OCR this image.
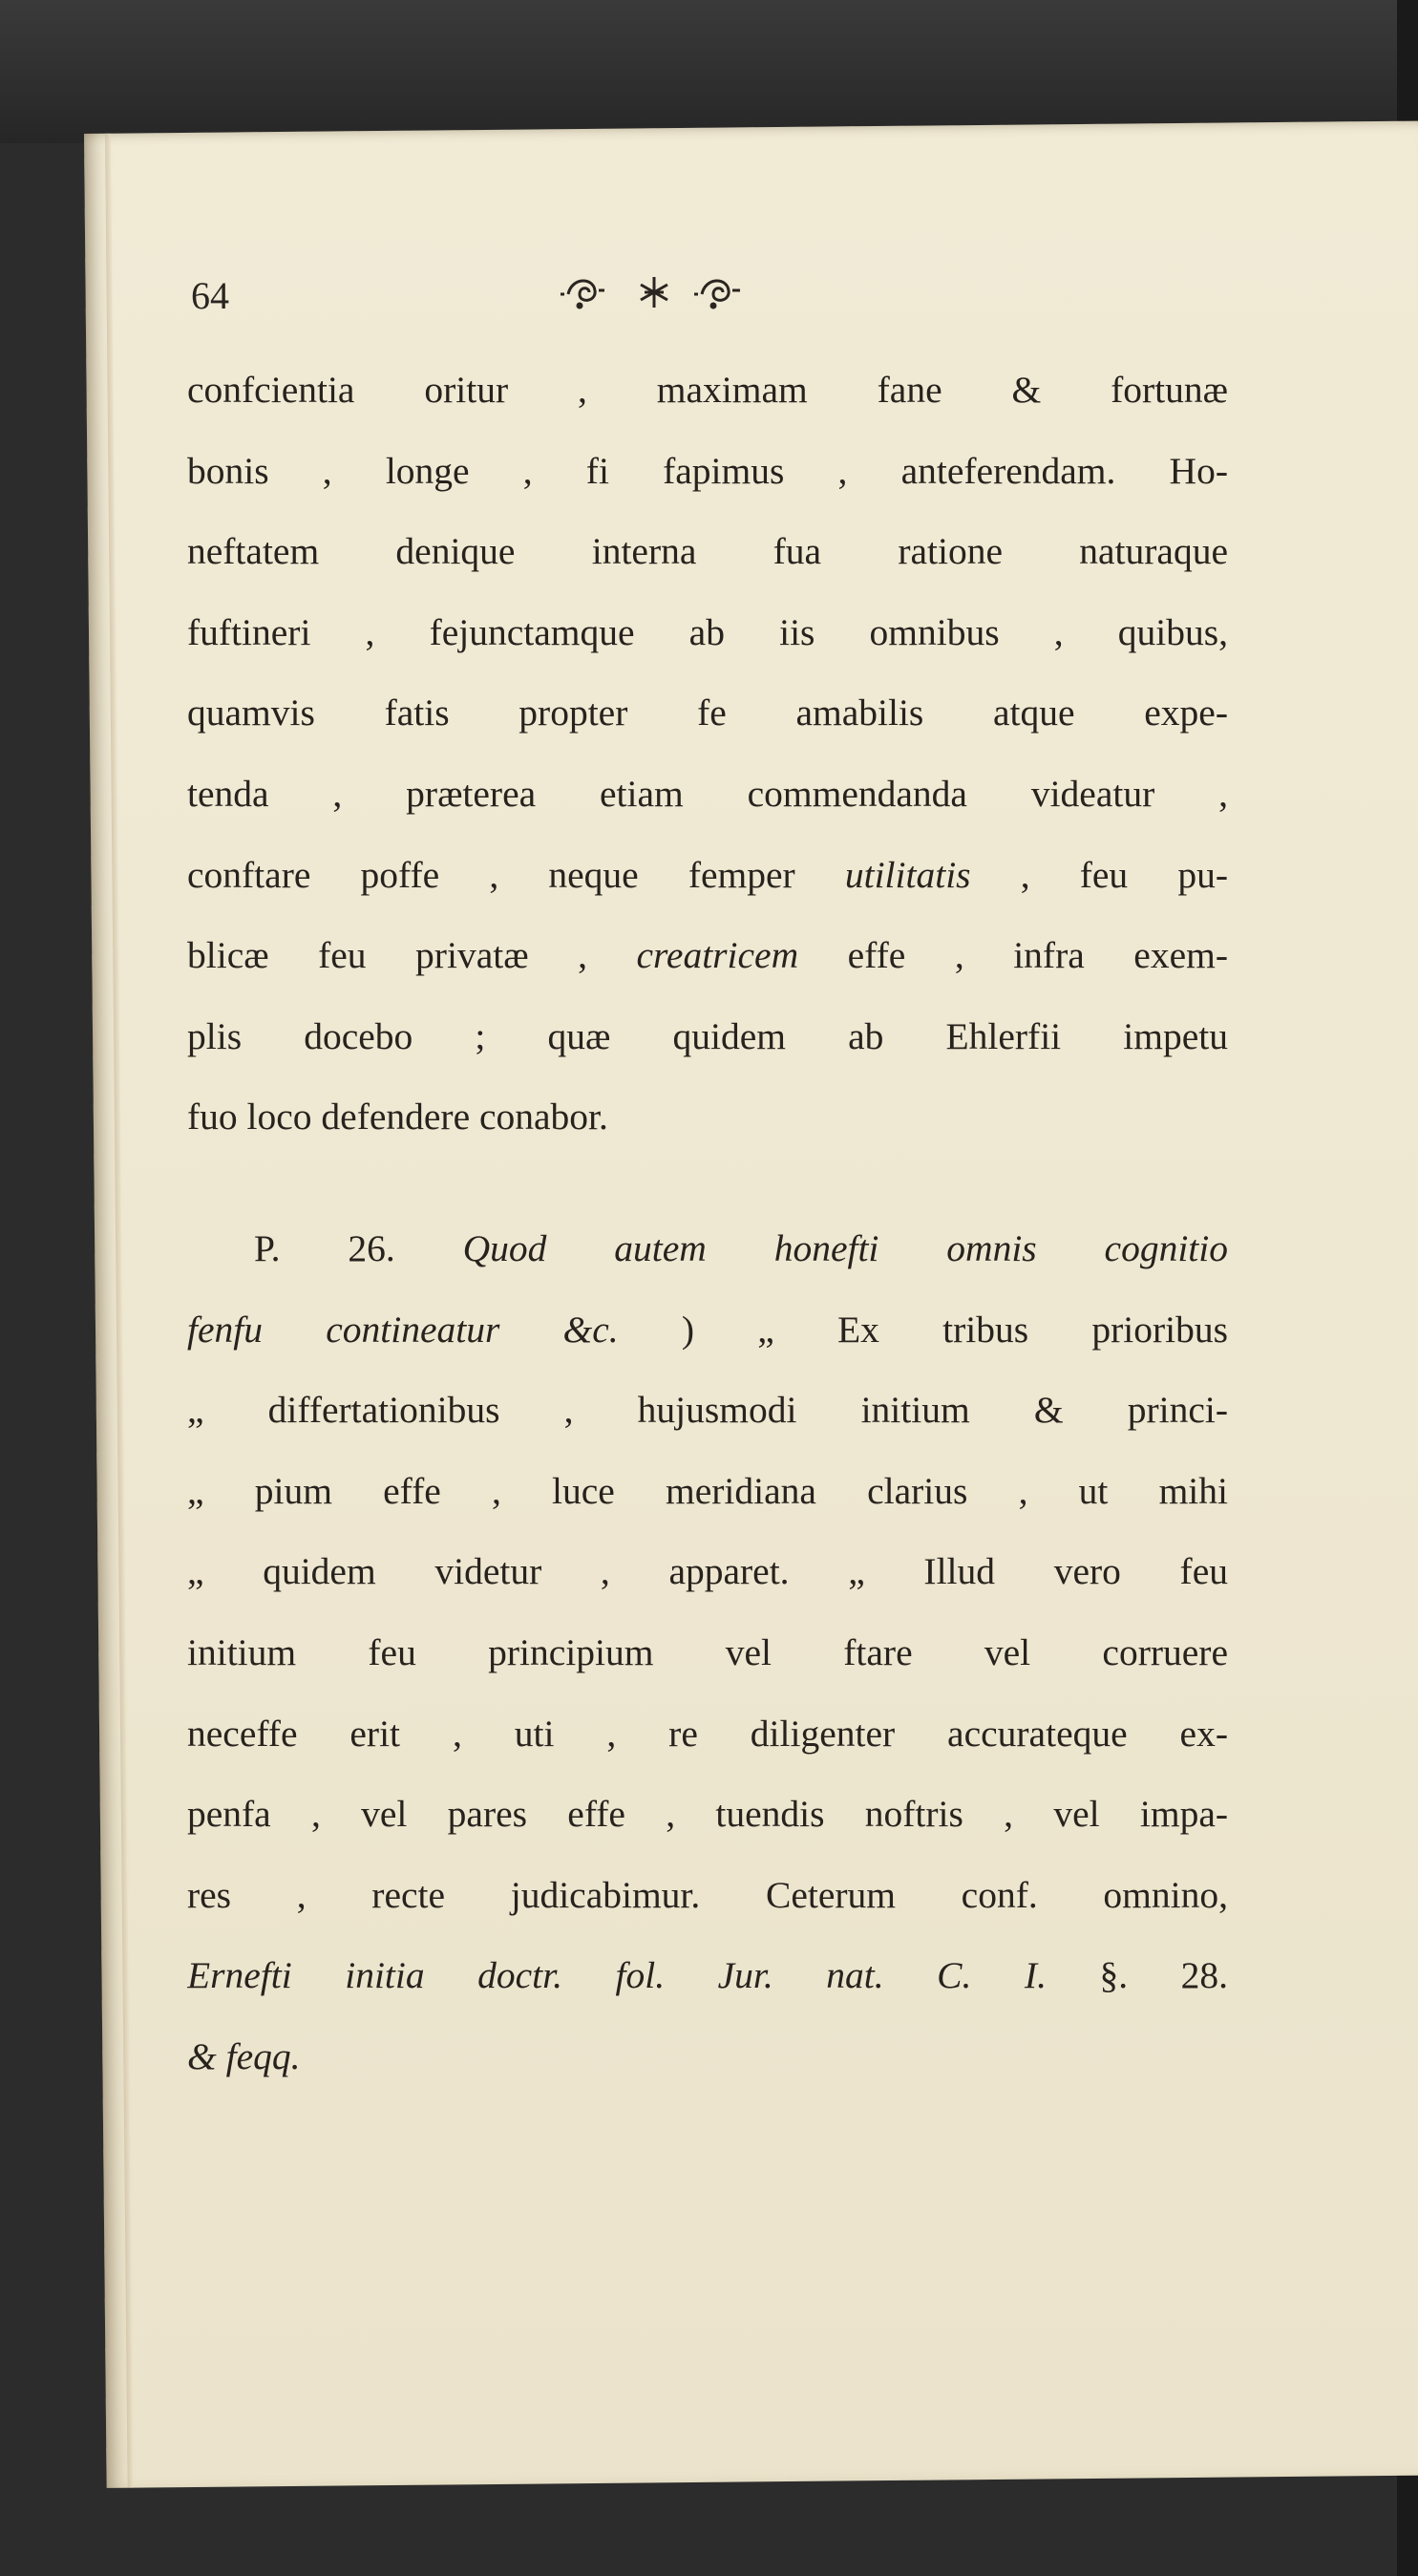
64
confcientia oritur , maximam fane & fortunæ
bonis , longe , fi fapimus , anteferendam. Ho-
neftatem denique interna fua ratione naturaque
fuftineri , fejunctamque ab iis omnibus , quibus,
quamvis fatis propter fe amabilis atque expe-
tenda , præterea etiam commendanda videatur ,
conftare poffe , neque femper utilitatis , feu pu-
blicæ feu privatæ , creatricem effe , infra exem-
plis docebo ; quæ quidem ab Ehlerfii impetu
fuo loco defendere conabor.
P. 26. Quod autem honefti omnis cognitio
fenfu contineatur &c. ) „ Ex tribus prioribus
„ differtationibus , hujusmodi initium & princi-
„ pium effe , luce meridiana clarius , ut mihi
„ quidem videtur , apparet. „ Illud vero feu
initium feu principium vel ftare vel corruere
neceffe erit , uti , re diligenter accurateque ex-
penfa , vel pares effe , tuendis noftris , vel impa-
res , recte judicabimur. Ceterum conf. omnino,
Ernefti initia doctr. fol. Jur. nat. C. I. §. 28.
& feqq.
